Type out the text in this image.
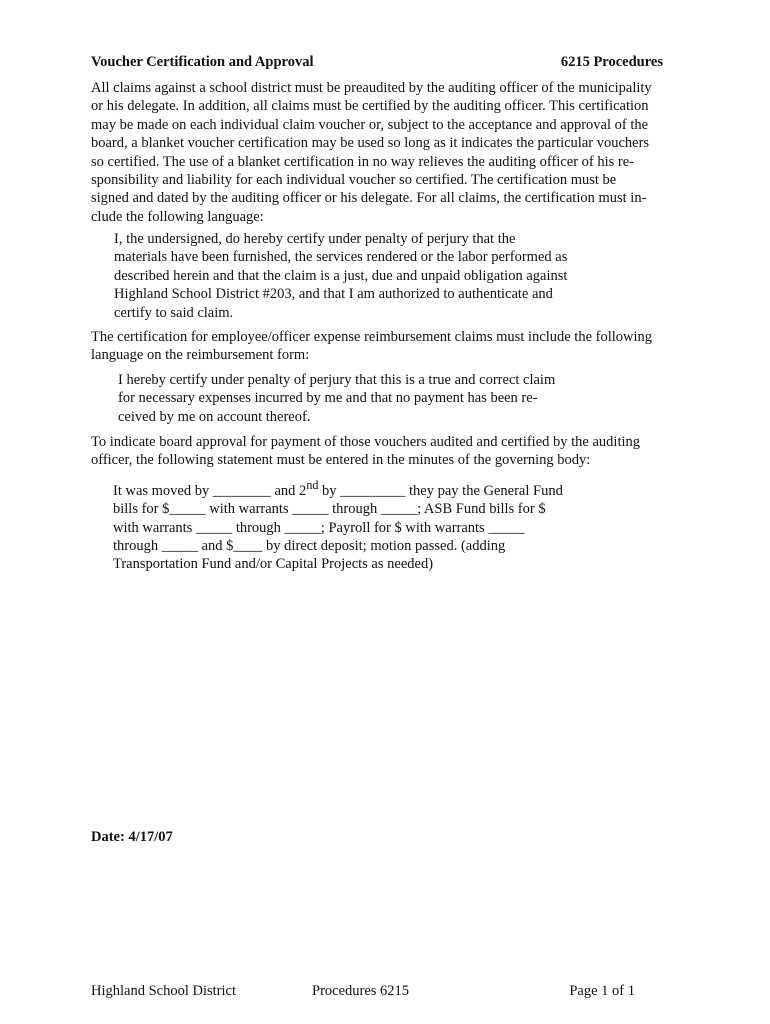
Voucher Certification and Approval	6215 Procedures

All claims against a school district must be preaudited by the auditing officer of the municipality
or his delegate. In addition, all claims must be certified by the auditing officer. This certification
may be made on each individual claim voucher or, subject to the acceptance and approval of the
board, a blanket voucher certification may be used so long as it indicates the particular vouchers
so certified. The use of a blanket certification in no way relieves the auditing officer of his re-
sponsibility and liability for each individual voucher so certified. The certification must be
signed and dated by the auditing officer or his delegate. For all claims, the certification must in-
clude the following language:

I, the undersigned, do hereby certify under penalty of perjury that the
materials have been furnished, the services rendered or the labor performed as
described herein and that the claim is a just, due and unpaid obligation against
Highland School District #203, and that I am authorized to authenticate and
certify to said claim.

The certification for employee/officer expense reimbursement claims must include the following
language on the reimbursement form:

I hereby certify under penalty of perjury that this is a true and correct claim
for necessary expenses incurred by me and that no payment has been re-
ceived by me on account thereof.

To indicate board approval for payment of those vouchers audited and certified by the auditing
officer, the following statement must be entered in the minutes of the governing body:

It was moved by ________ and 2nd by _________ they pay the General Fund
bills for $_____ with warrants _____ through _____; ASB Fund bills for $
with warrants _____ through _____; Payroll for $ with warrants _____
through _____ and $____ by direct deposit; motion passed. (adding
Transportation Fund and/or Capital Projects as needed)

Date: 4/17/07
Highland School District	Procedures 6215	Page 1 of 1
